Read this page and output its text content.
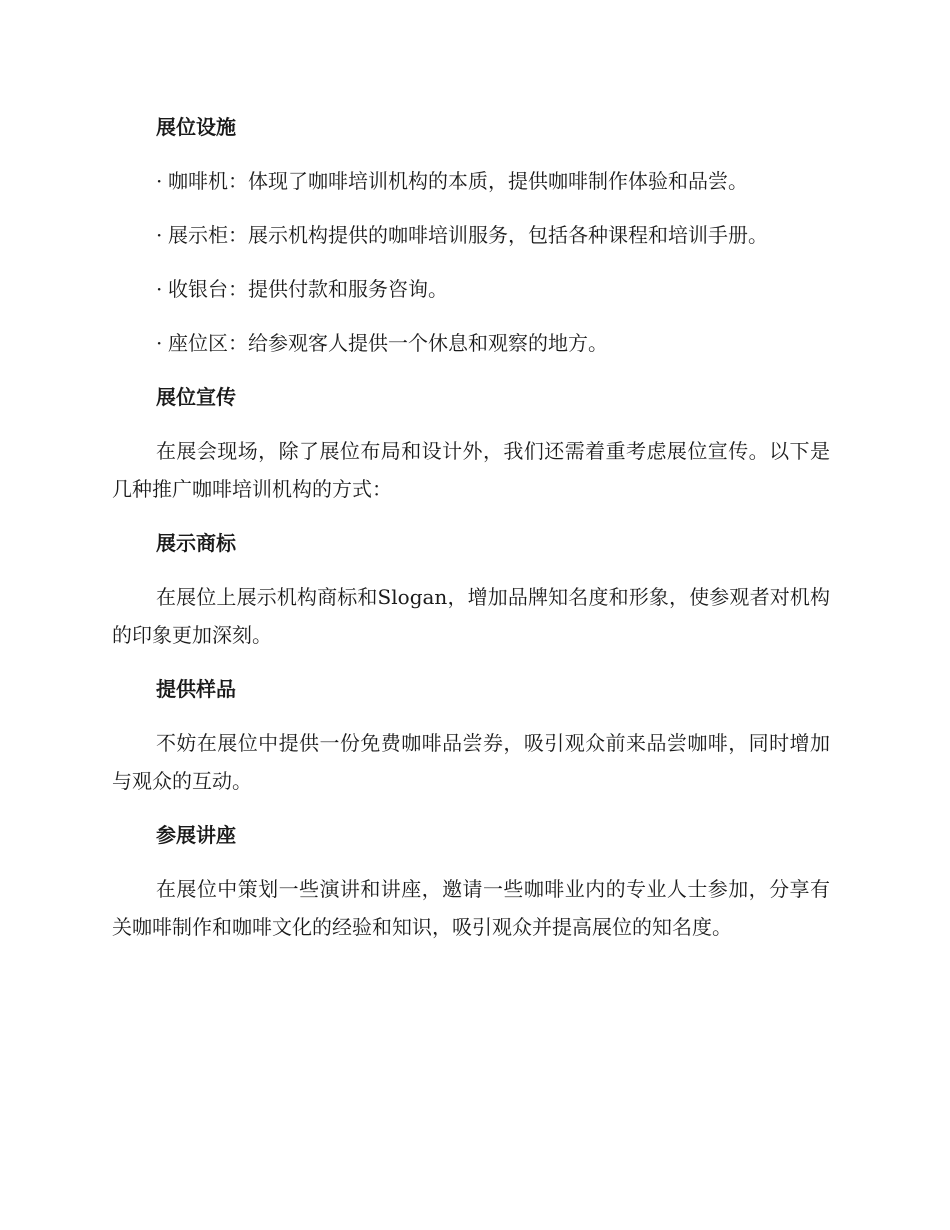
展位设施

· 咖啡机：体现了咖啡培训机构的本质，提供咖啡制作体验和品尝。

· 展示柜：展示机构提供的咖啡培训服务，包括各种课程和培训手册。

· 收银台：提供付款和服务咨询。

· 座位区：给参观客人提供一个休息和观察的地方。

展位宣传

在展会现场，除了展位布局和设计外，我们还需着重考虑展位宣传。以下是几种推广咖啡培训机构的方式：

展示商标

在展位上展示机构商标和Slogan，增加品牌知名度和形象，使参观者对机构的印象更加深刻。

提供样品

不妨在展位中提供一份免费咖啡品尝券，吸引观众前来品尝咖啡，同时增加与观众的互动。

参展讲座

在展位中策划一些演讲和讲座，邀请一些咖啡业内的专业人士参加，分享有关咖啡制作和咖啡文化的经验和知识，吸引观众并提高展位的知名度。
